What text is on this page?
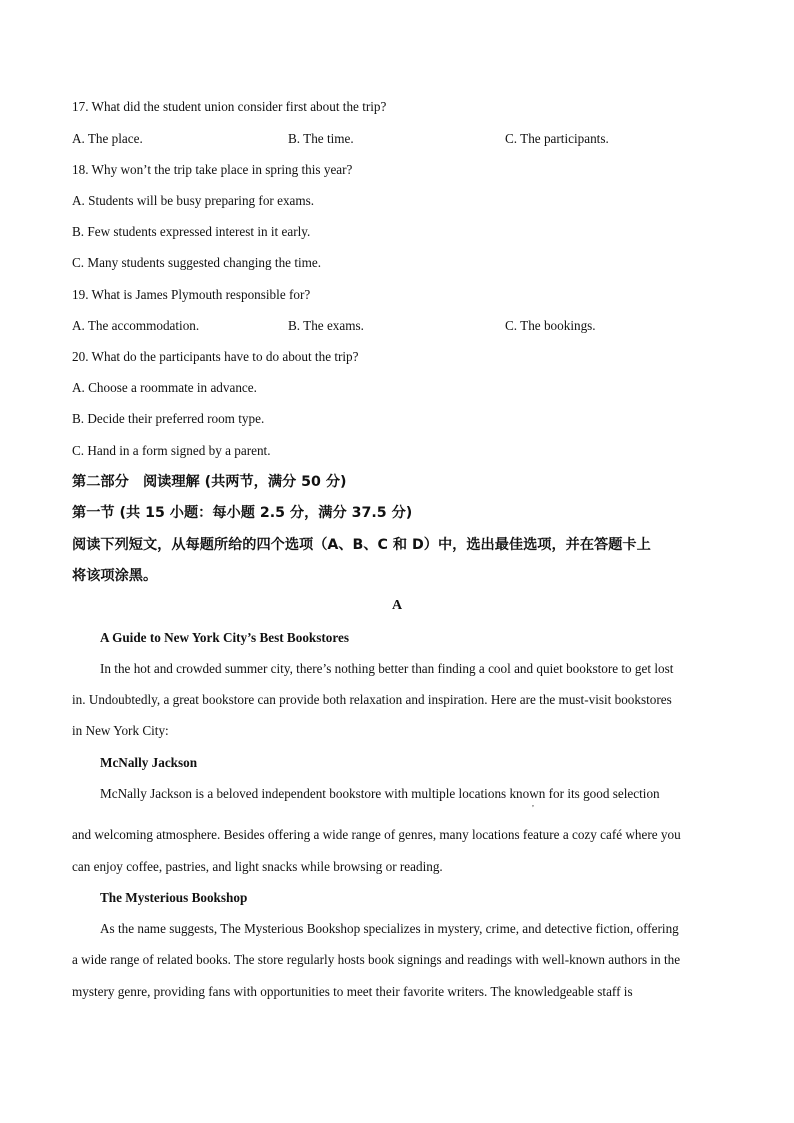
17. What did the student union consider first about the trip?
A. The place.	B. The time.	C. The participants.
18. Why won’t the trip take place in spring this year?
A. Students will be busy preparing for exams.
B. Few students expressed interest in it early.
C. Many students suggested changing the time.
19. What is James Plymouth responsible for?
A. The accommodation.	B. The exams.	C. The bookings.
20. What do the participants have to do about the trip?
A. Choose a roommate in advance.
B. Decide their preferred room type.
C. Hand in a form signed by a parent.
第二部分　阅读理解 (共两节，满分 50 分)
第一节 (共 15 小题：每小题 2.5 分，满分 37.5 分)
阅读下列短文，从每题所给的四个选项（A、B、C 和 D）中，选出最佳选项，并在答题卡上
将该项涂黑。
A
A Guide to New York City’s Best Bookstores
In the hot and crowded summer city, there’s nothing better than finding a cool and quiet bookstore to get lost
in. Undoubtedly, a great bookstore can provide both relaxation and inspiration. Here are the must-visit bookstores
in New York City:
McNally Jackson
McNally Jackson is a beloved independent bookstore with multiple locations known for its good selection
,
and welcoming atmosphere. Besides offering a wide range of genres, many locations feature a cozy café where you
can enjoy coffee, pastries, and light snacks while browsing or reading.
The Mysterious Bookshop
As the name suggests, The Mysterious Bookshop specializes in mystery, crime, and detective fiction, offering
a wide range of related books. The store regularly hosts book signings and readings with well-known authors in the
mystery genre, providing fans with opportunities to meet their favorite writers. The knowledgeable staff is
